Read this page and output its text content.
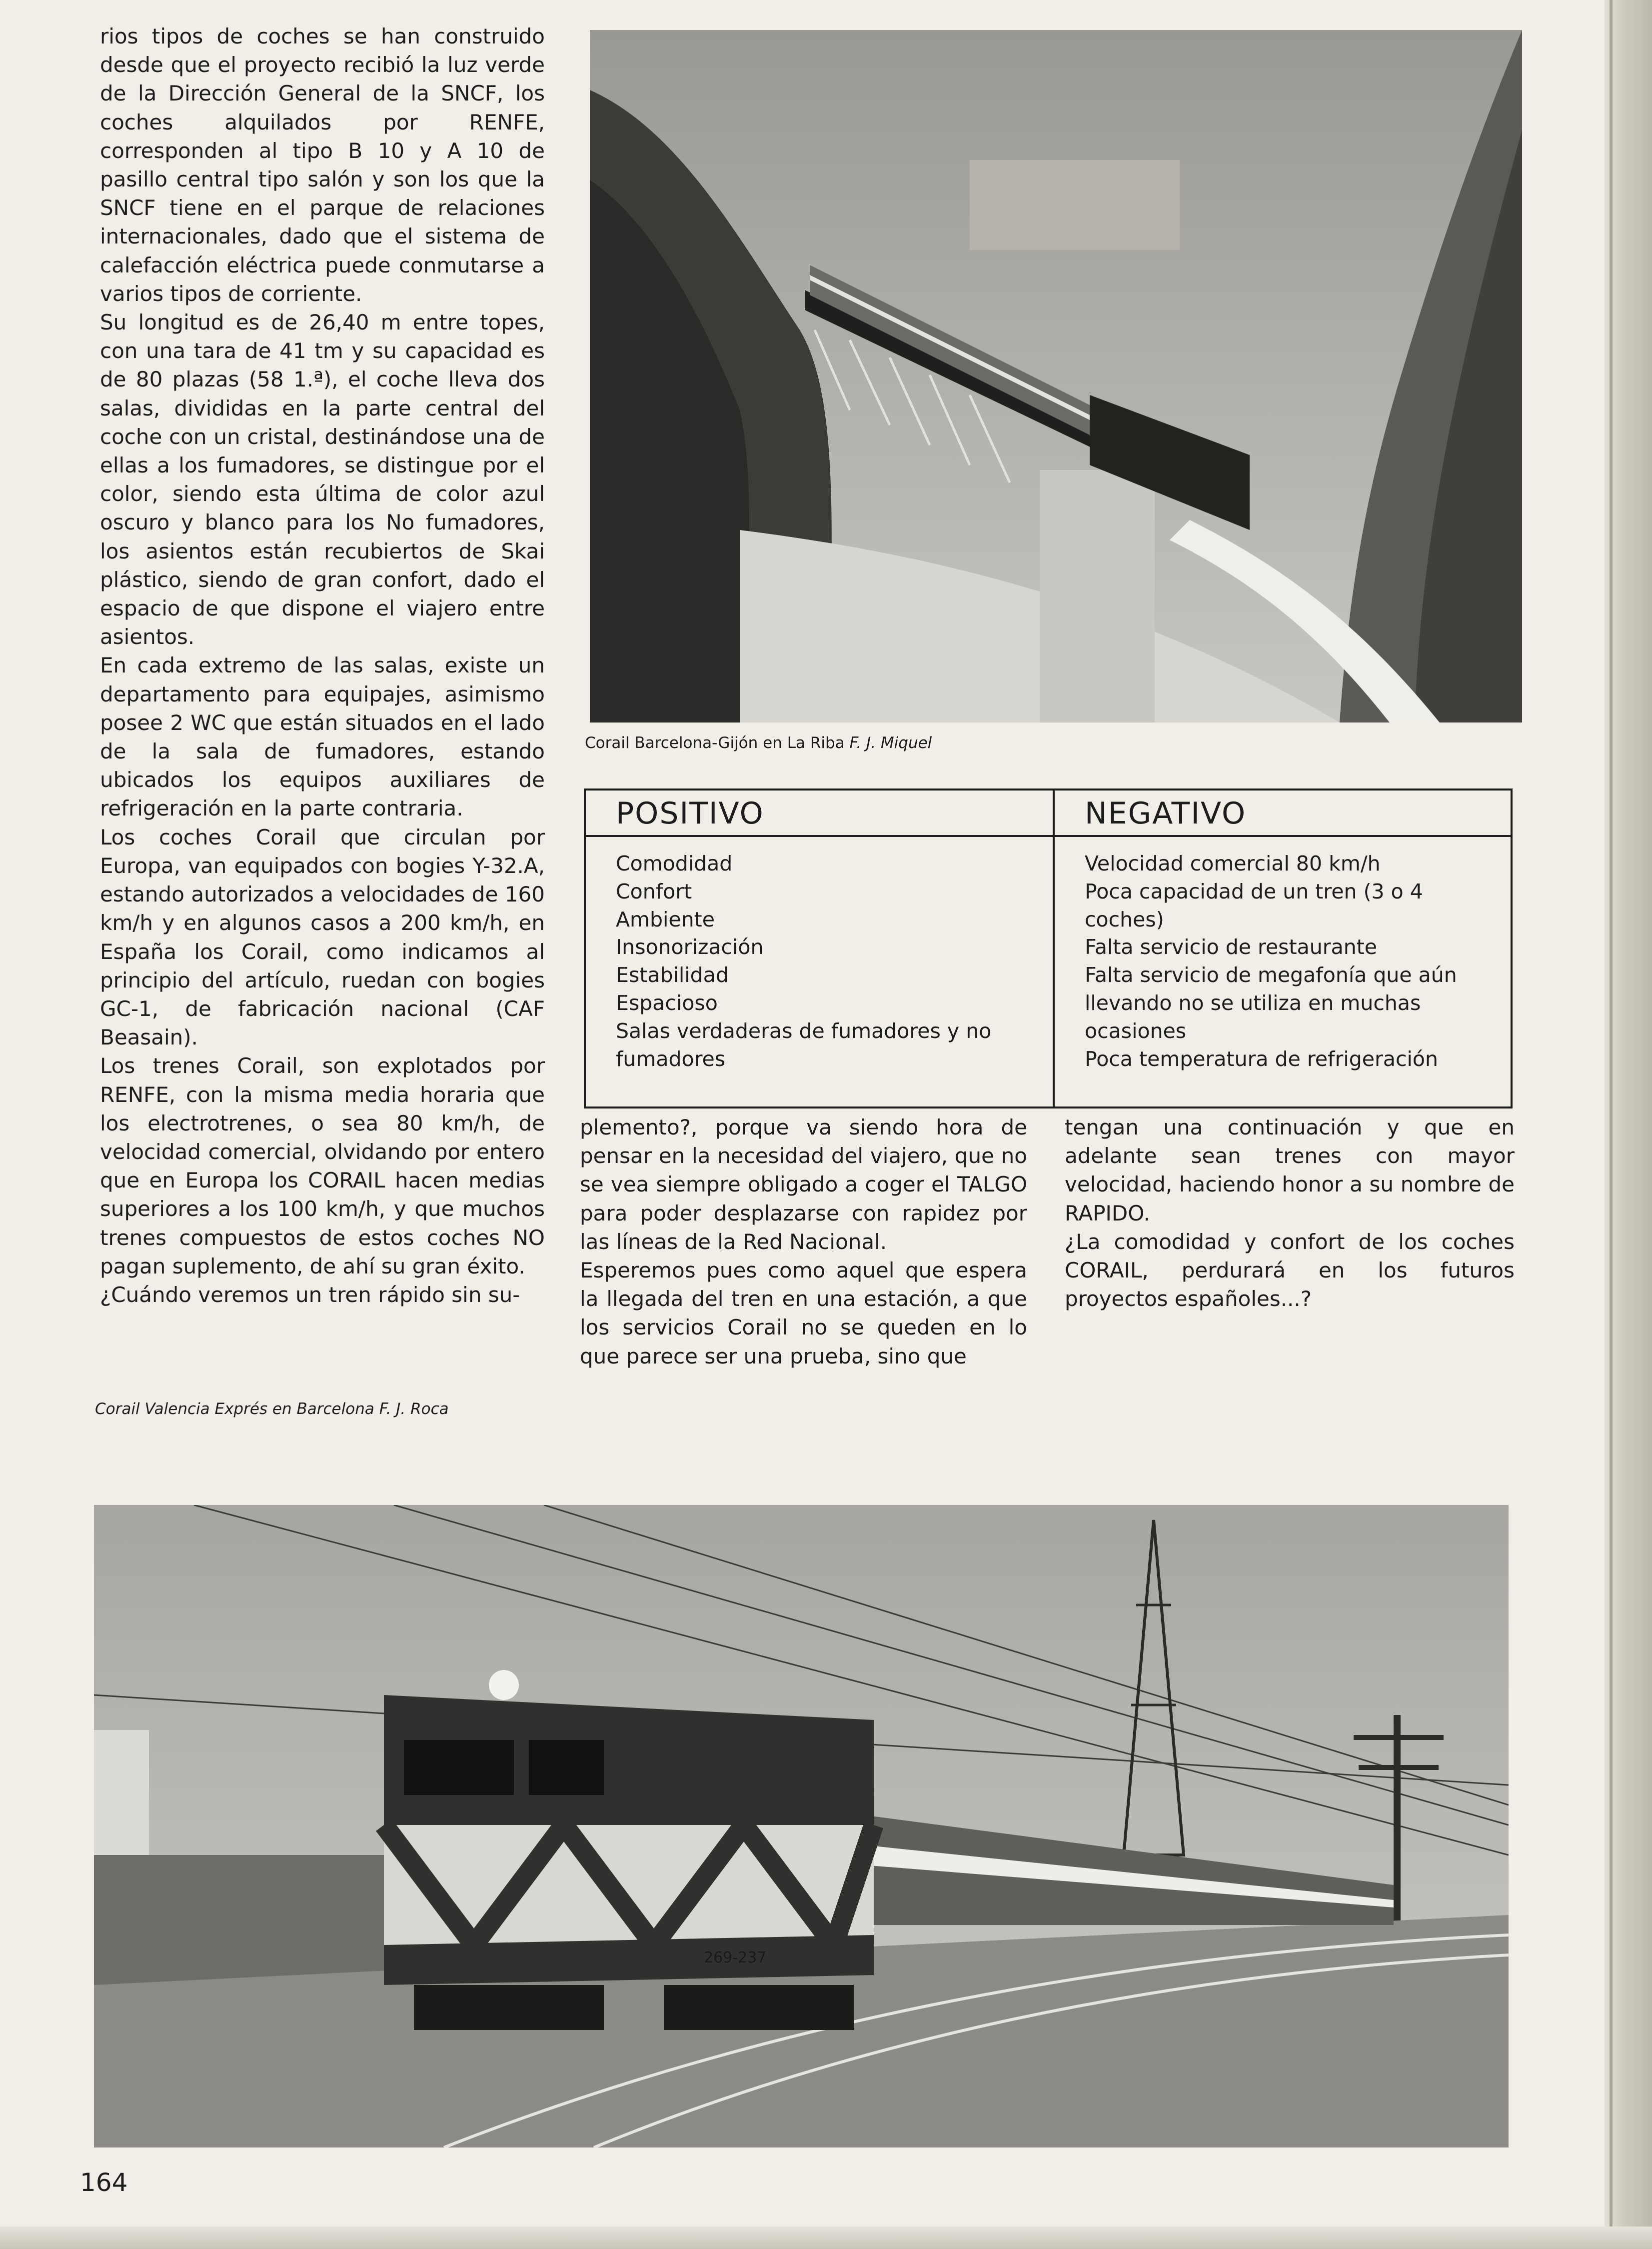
rios tipos de coches se han construido desde que el proyecto recibió la luz verde de la Dirección General de la SNCF, los coches alquilados por RENFE, corresponden al tipo B 10 y A 10 de pasillo central tipo salón y son los que la SNCF tiene en el parque de relaciones internacionales, dado que el sistema de calefacción eléctrica puede conmutarse a varios tipos de corriente.

Su longitud es de 26,40 m entre topes, con una tara de 41 tm y su capacidad es de 80 plazas (58 1.ª), el coche lleva dos salas, divididas en la parte central del coche con un cristal, destinándose una de ellas a los fumadores, se distingue por el color, siendo esta última de color azul oscuro y blanco para los No fumadores, los asientos están recubiertos de Skai plástico, siendo de gran confort, dado el espacio de que dispone el viajero entre asientos.

En cada extremo de las salas, existe un departamento para equipajes, asimismo posee 2 WC que están situados en el lado de la sala de fumadores, estando ubicados los equipos auxiliares de refrigeración en la parte contraria.

Los coches Corail que circulan por Europa, van equipados con bogies Y-32.A, estando autorizados a velocidades de 160 km/h y en algunos casos a 200 km/h, en España los Corail, como indicamos al principio del artículo, ruedan con bogies GC-1, de fabricación nacional (CAF Beasain).

Los trenes Corail, son explotados por RENFE, con la misma media horaria que los electrotrenes, o sea 80 km/h, de velocidad comercial, olvidando por entero que en Europa los CORAIL hacen medias superiores a los 100 km/h, y que muchos trenes compuestos de estos coches NO pagan suplemento, de ahí su gran éxito.

¿Cuándo veremos un tren rápido sin su-

Corail Barcelona-Gijón en La Riba F. J. Miquel
POSITIVO
Comodidad
Confort
Ambiente
Insonorización
Estabilidad
Espacioso
Salas verdaderas de fumadores y no fumadores
NEGATIVO
Velocidad comercial 80 km/h
Poca capacidad de un tren (3 o 4 coches)
Falta servicio de restaurante
Falta servicio de megafonía que aún llevando no se utiliza en muchas ocasiones
Poca temperatura de refrigeración

plemento?, porque va siendo hora de pensar en la necesidad del viajero, que no se vea siempre obligado a coger el TALGO para poder desplazarse con rapidez por las líneas de la Red Nacional.

Esperemos pues como aquel que espera la llegada del tren en una estación, a que los servicios Corail no se queden en lo que parece ser una prueba, sino que

tengan una continuación y que en adelante sean trenes con mayor velocidad, haciendo honor a su nombre de RAPIDO.

¿La comodidad y confort de los coches CORAIL, perdurará en los futuros proyectos españoles...?

Corail Valencia Exprés en Barcelona F. J. Roca
269-237
164
